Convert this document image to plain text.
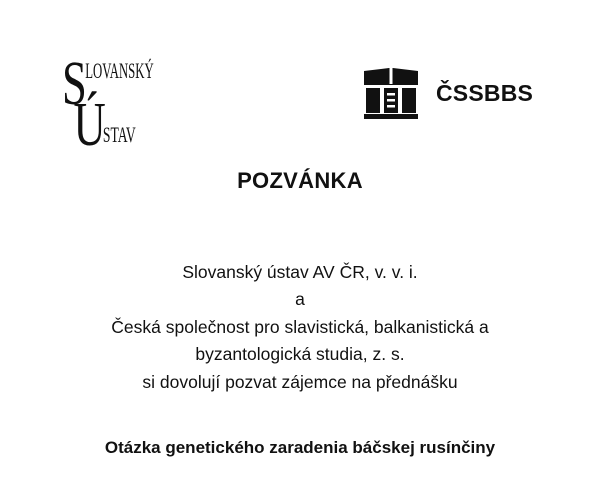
S
LOVANSKÝ
Ú
STAV
ČSSBBS
POZVÁNKA
Slovanský ústav AV ČR, v. v. i.
a
Česká společnost pro slavistická, balkanistická a
byzantologická studia, z. s.
si dovolují pozvat zájemce na přednášku
Otázka genetického zaradenia báčskej rusínčiny
